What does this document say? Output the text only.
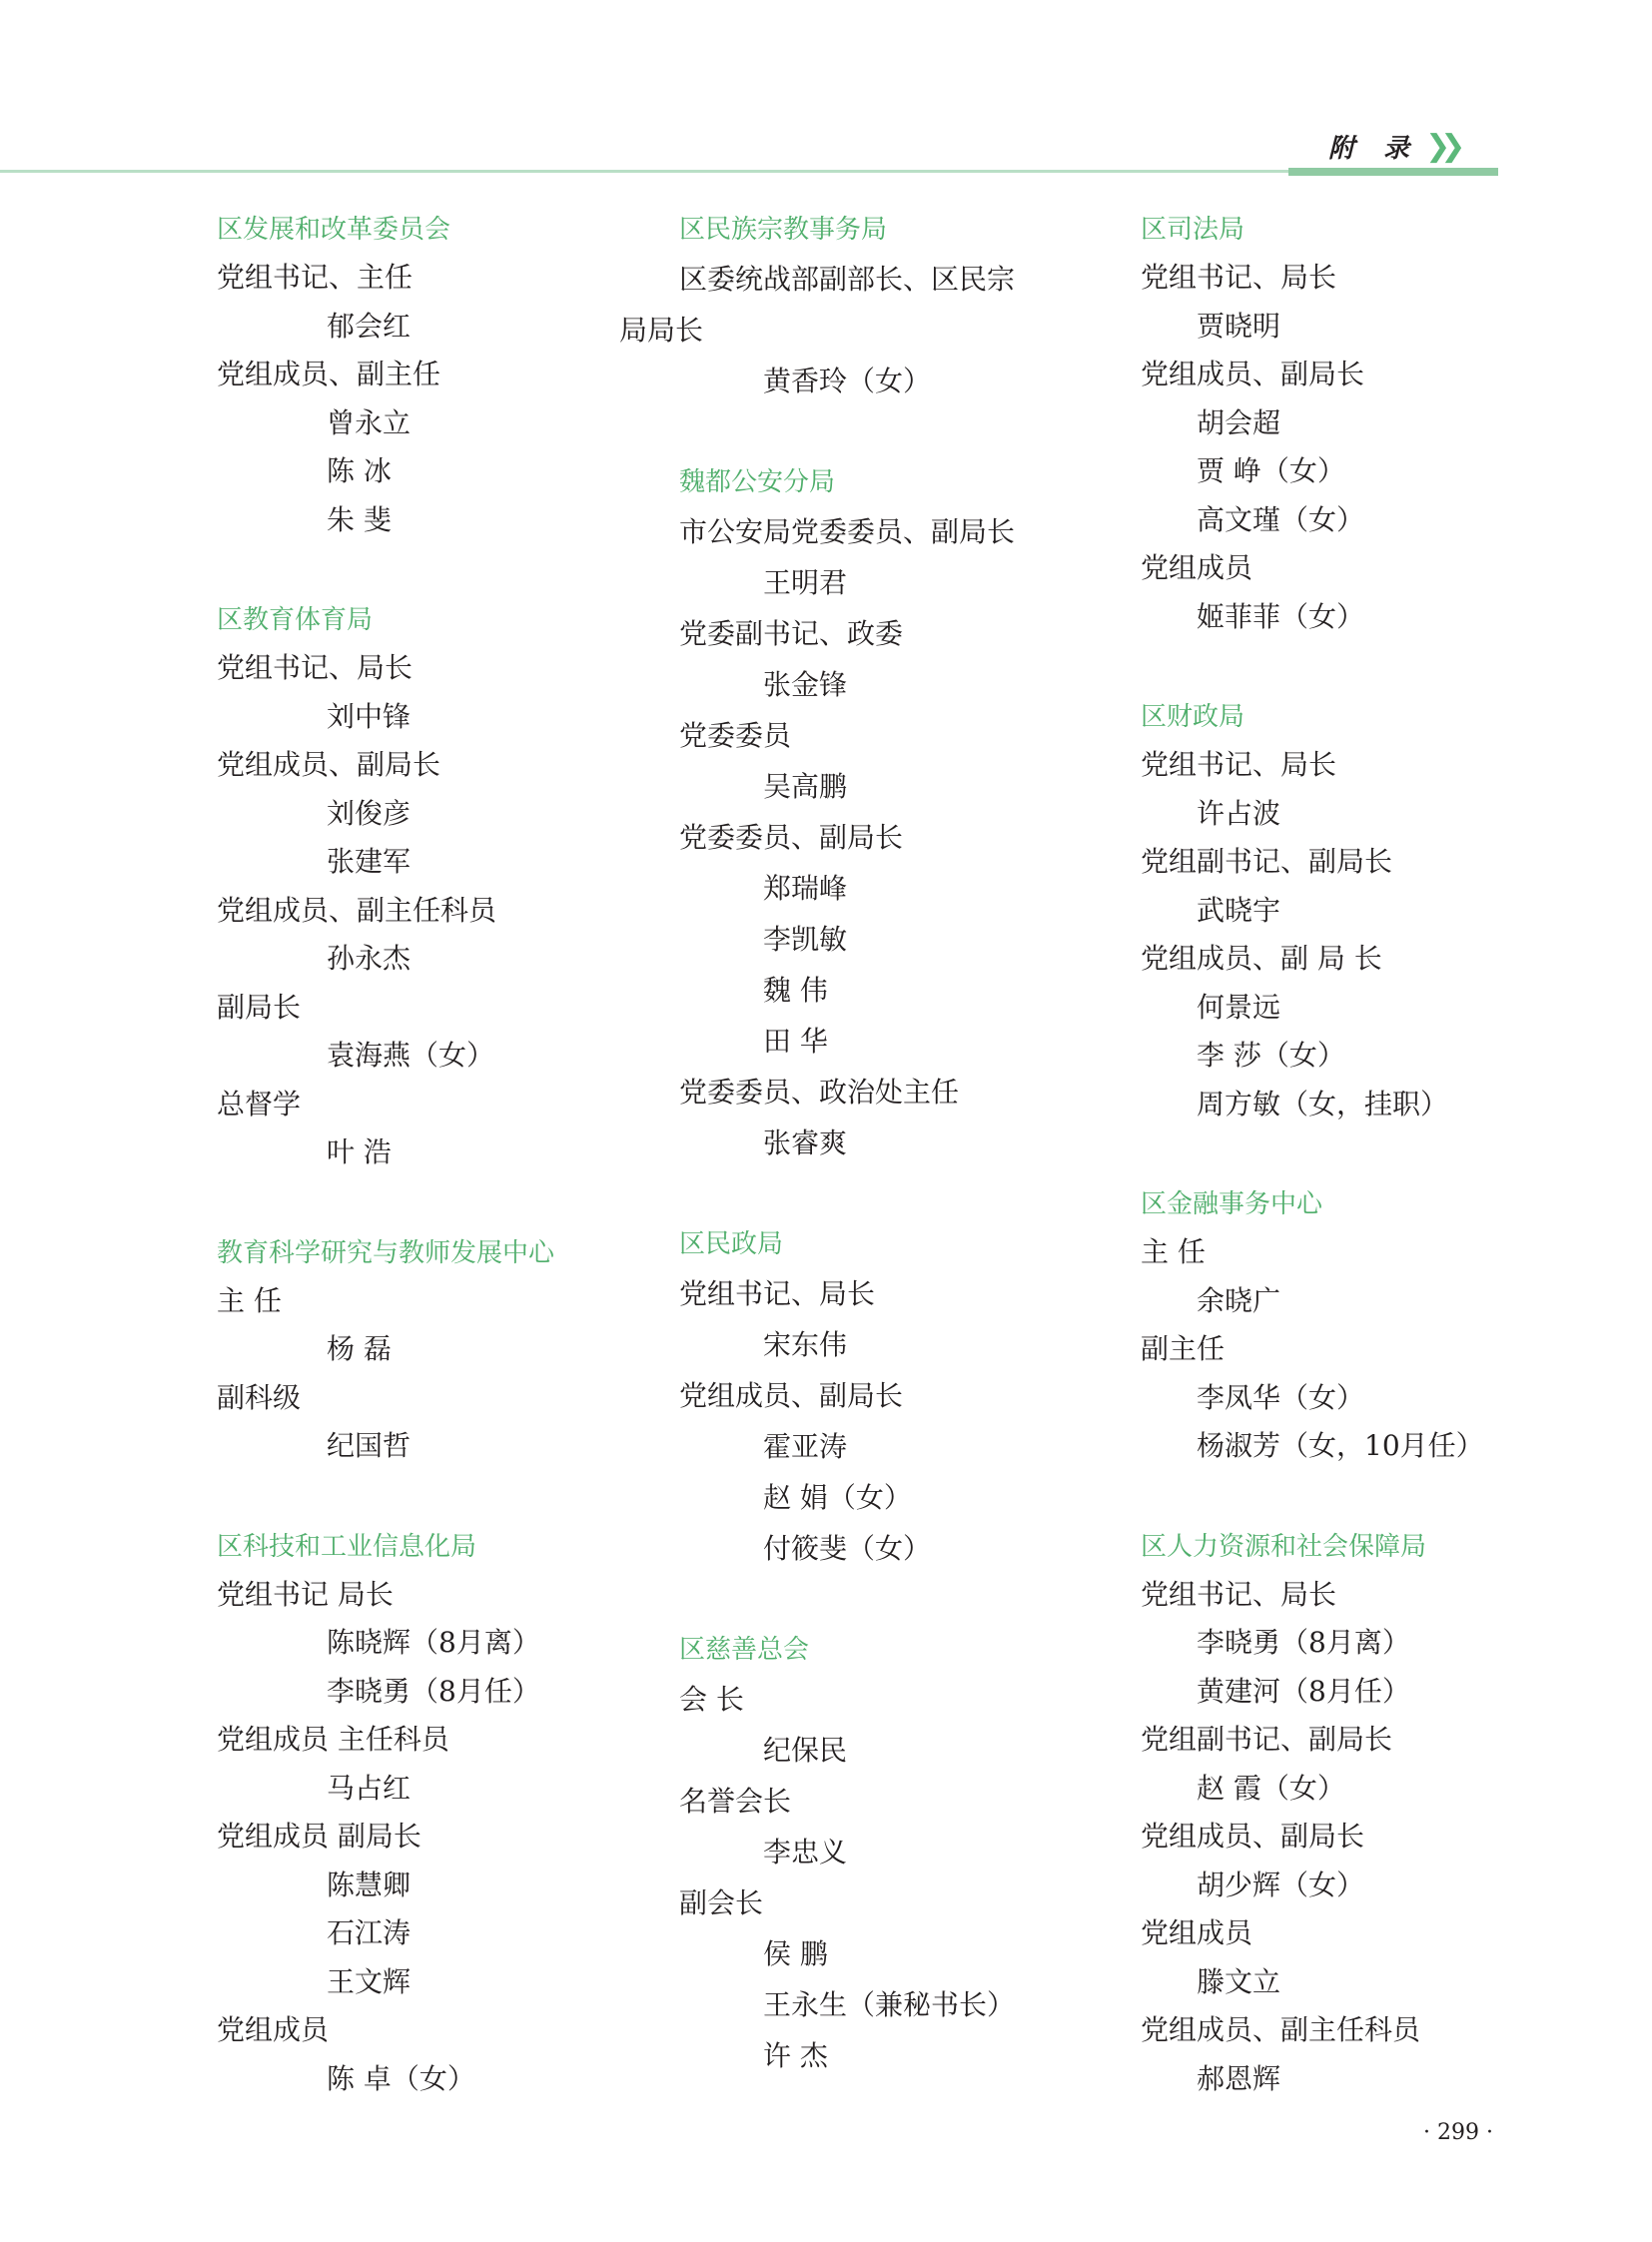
附 录 ❯❯
区发展和改革委员会
党组书记、主任
郁会红
党组成员、副主任
曾永立
陈 冰
朱 斐
区教育体育局
党组书记、局长
刘中锋
党组成员、副局长
刘俊彦
张建军
党组成员、副主任科员
孙永杰
副局长
袁海燕（女）
总督学
叶 浩
教育科学研究与教师发展中心
主 任
杨 磊
副科级
纪国哲
区科技和工业信息化局
党组书记 局长
陈晓辉（8月离）
李晓勇（8月任）
党组成员 主任科员
马占红
党组成员 副局长
陈慧卿
石江涛
王文辉
党组成员
陈 卓（女）
区民族宗教事务局
区委统战部副部长、区民宗
局局长
黄香玲（女）
魏都公安分局
市公安局党委委员、副局长
王明君
党委副书记、政委
张金锋
党委委员
吴高鹏
党委委员、副局长
郑瑞峰
李凯敏
魏 伟
田 华
党委委员、政治处主任
张睿爽
区民政局
党组书记、局长
宋东伟
党组成员、副局长
霍亚涛
赵 娟（女）
付筱斐（女）
区慈善总会
会 长
纪保民
名誉会长
李忠义
副会长
侯 鹏
王永生（兼秘书长）
许 杰
区司法局
党组书记、局长
贾晓明
党组成员、副局长
胡会超
贾 峥（女）
高文瑾（女）
党组成员
姬菲菲（女）
区财政局
党组书记、局长
许占波
党组副书记、副局长
武晓宇
党组成员、副 局 长
何景远
李 莎（女）
周方敏（女，挂职）
区金融事务中心
主 任
余晓广
副主任
李凤华（女）
杨淑芳（女，10月任）
区人力资源和社会保障局
党组书记、局长
李晓勇（8月离）
黄建河（8月任）
党组副书记、副局长
赵 霞（女）
党组成员、副局长
胡少辉（女）
党组成员
滕文立
党组成员、副主任科员
郝恩辉
· 299 ·
